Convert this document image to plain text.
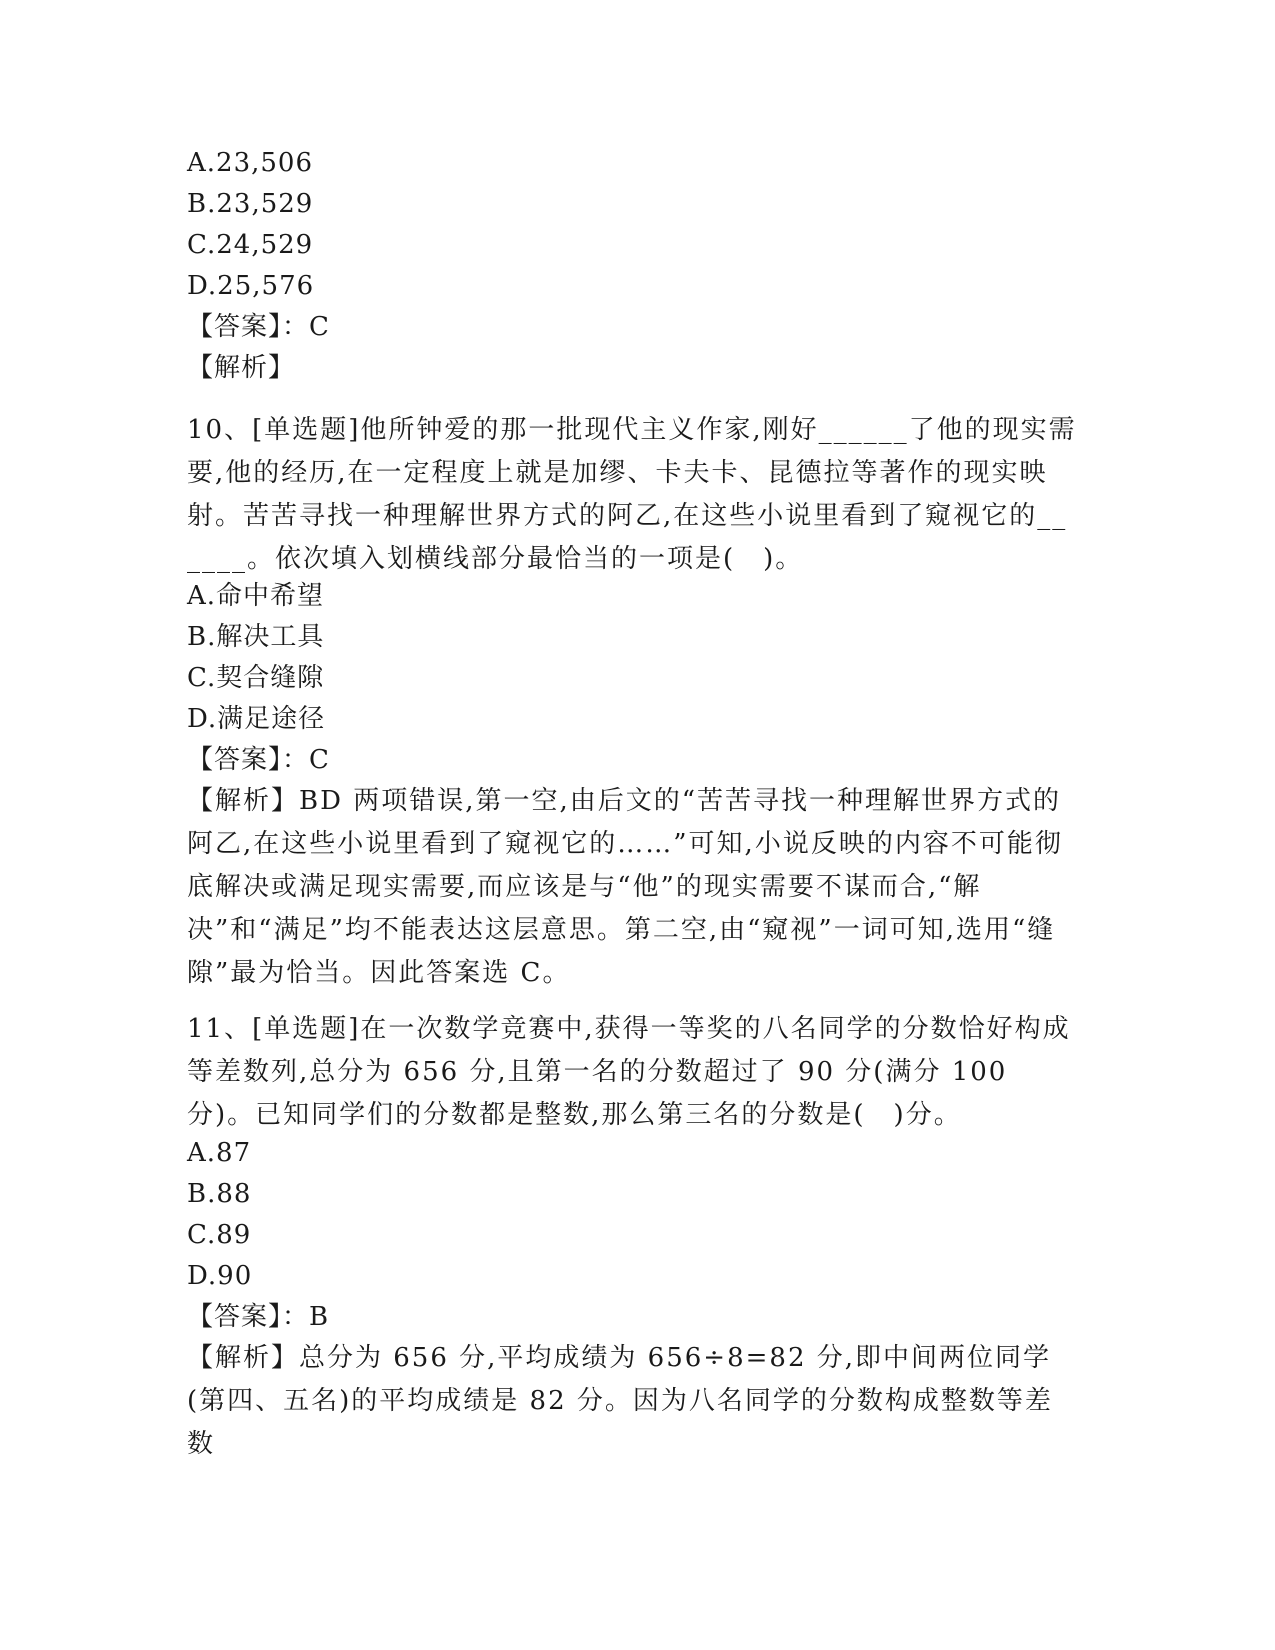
A.23,506
B.23,529
C.24,529
D.25,576
【答案】：C
【解析】
10、[单选题]他所钟爱的那一批现代主义作家,刚好______了他的现实需要,他的经历,在一定程度上就是加缪、卡夫卡、昆德拉等著作的现实映射。苦苦寻找一种理解世界方式的阿乙,在这些小说里看到了窥视它的______。依次填入划横线部分最恰当的一项是(　)。
A.命中希望
B.解决工具
C.契合缝隙
D.满足途径
【答案】：C
【解析】BD 两项错误,第一空,由后文的“苦苦寻找一种理解世界方式的阿乙,在这些小说里看到了窥视它的……”可知,小说反映的内容不可能彻底解决或满足现实需要,而应该是与“他”的现实需要不谋而合,“解决”和“满足”均不能表达这层意思。第二空,由“窥视”一词可知,选用“缝隙”最为恰当。因此答案选 C。
11、[单选题]在一次数学竞赛中,获得一等奖的八名同学的分数恰好构成等差数列,总分为 656 分,且第一名的分数超过了 90 分(满分 100 分)。已知同学们的分数都是整数,那么第三名的分数是(　)分。
A.87
B.88
C.89
D.90
【答案】：B
【解析】总分为 656 分,平均成绩为 656÷8=82 分,即中间两位同学(第四、五名)的平均成绩是 82 分。因为八名同学的分数构成整数等差数
